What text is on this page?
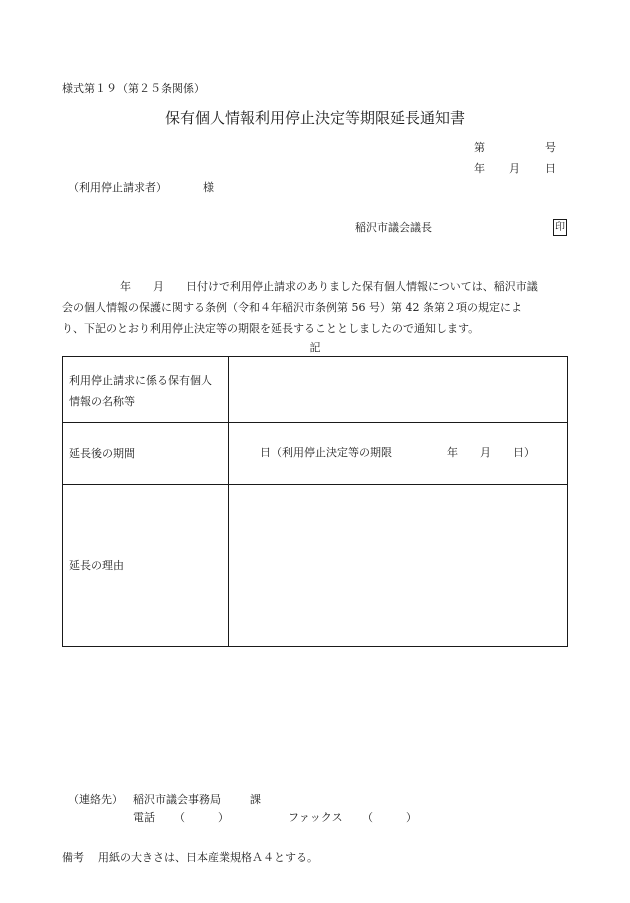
様式第１９（第２５条関係）
保有個人情報利用停止決定等期限延長通知書
第	号
年 月 日
（利用停止請求者）	様
稲沢市議会議長	印
年　　月　　日付けで利用停止請求のありました保有個人情報については、稲沢市議
会の個人情報の保護に関する条例（令和４年稲沢市条例第 56 号）第 42 条第２項の規定によ
り、下記のとおり利用停止決定等の期限を延長することとしましたので通知します。
記
利用停止請求に係る保有個人
情報の名称等
延長後の期間	日（利用停止決定等の期限　　　　　年　　月　　日）
延長の理由
（連絡先） 稲沢市議会事務局	課
電話 （　　　）	ファックス （　　　）
備考 用紙の大きさは、日本産業規格Ａ４とする。
